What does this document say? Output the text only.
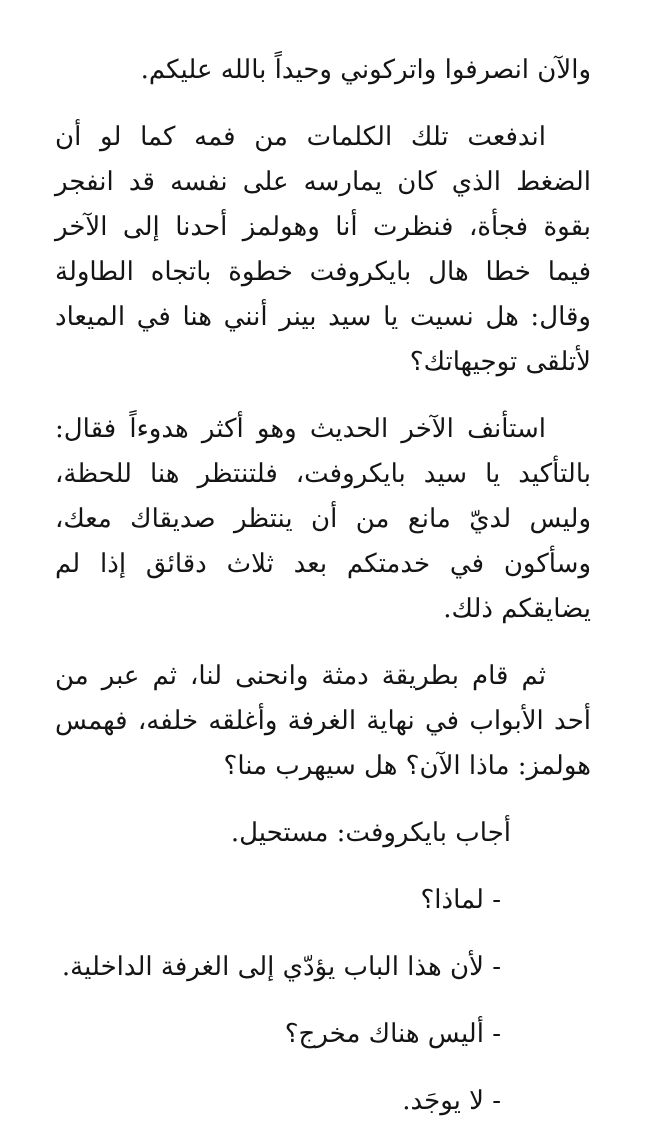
والآن انصرفوا واتركوني وحيداً بالله عليكم.

اندفعت تلك الكلمات من فمه كما لو أن الضغط الذي كان يمارسه على نفسه قد انفجر بقوة فجأة، فنظرت أنا وهولمز أحدنا إلى الآخر فيما خطا هال بايكروفت خطوة باتجاه الطاولة وقال: هل نسيت يا سيد بينر أنني هنا في الميعاد لأتلقى توجيهاتك؟

استأنف الآخر الحديث وهو أكثر هدوءاً فقال: بالتأكيد يا سيد بايكروفت، فلتنتظر هنا للحظة، وليس لديّ مانع من أن ينتظر صديقاك معك، وسأكون في خدمتكم بعد ثلاث دقائق إذا لم يضايقكم ذلك.

ثم قام بطريقة دمثة وانحنى لنا، ثم عبر من أحد الأبواب في نهاية الغرفة وأغلقه خلفه، فهمس هولمز: ماذا الآن؟ هل سيهرب منا؟

أجاب بايكروفت: مستحيل.

- لماذا؟

- لأن هذا الباب يؤدّي إلى الغرفة الداخلية.

- أليس هناك مخرج؟

- لا يوجَد.
